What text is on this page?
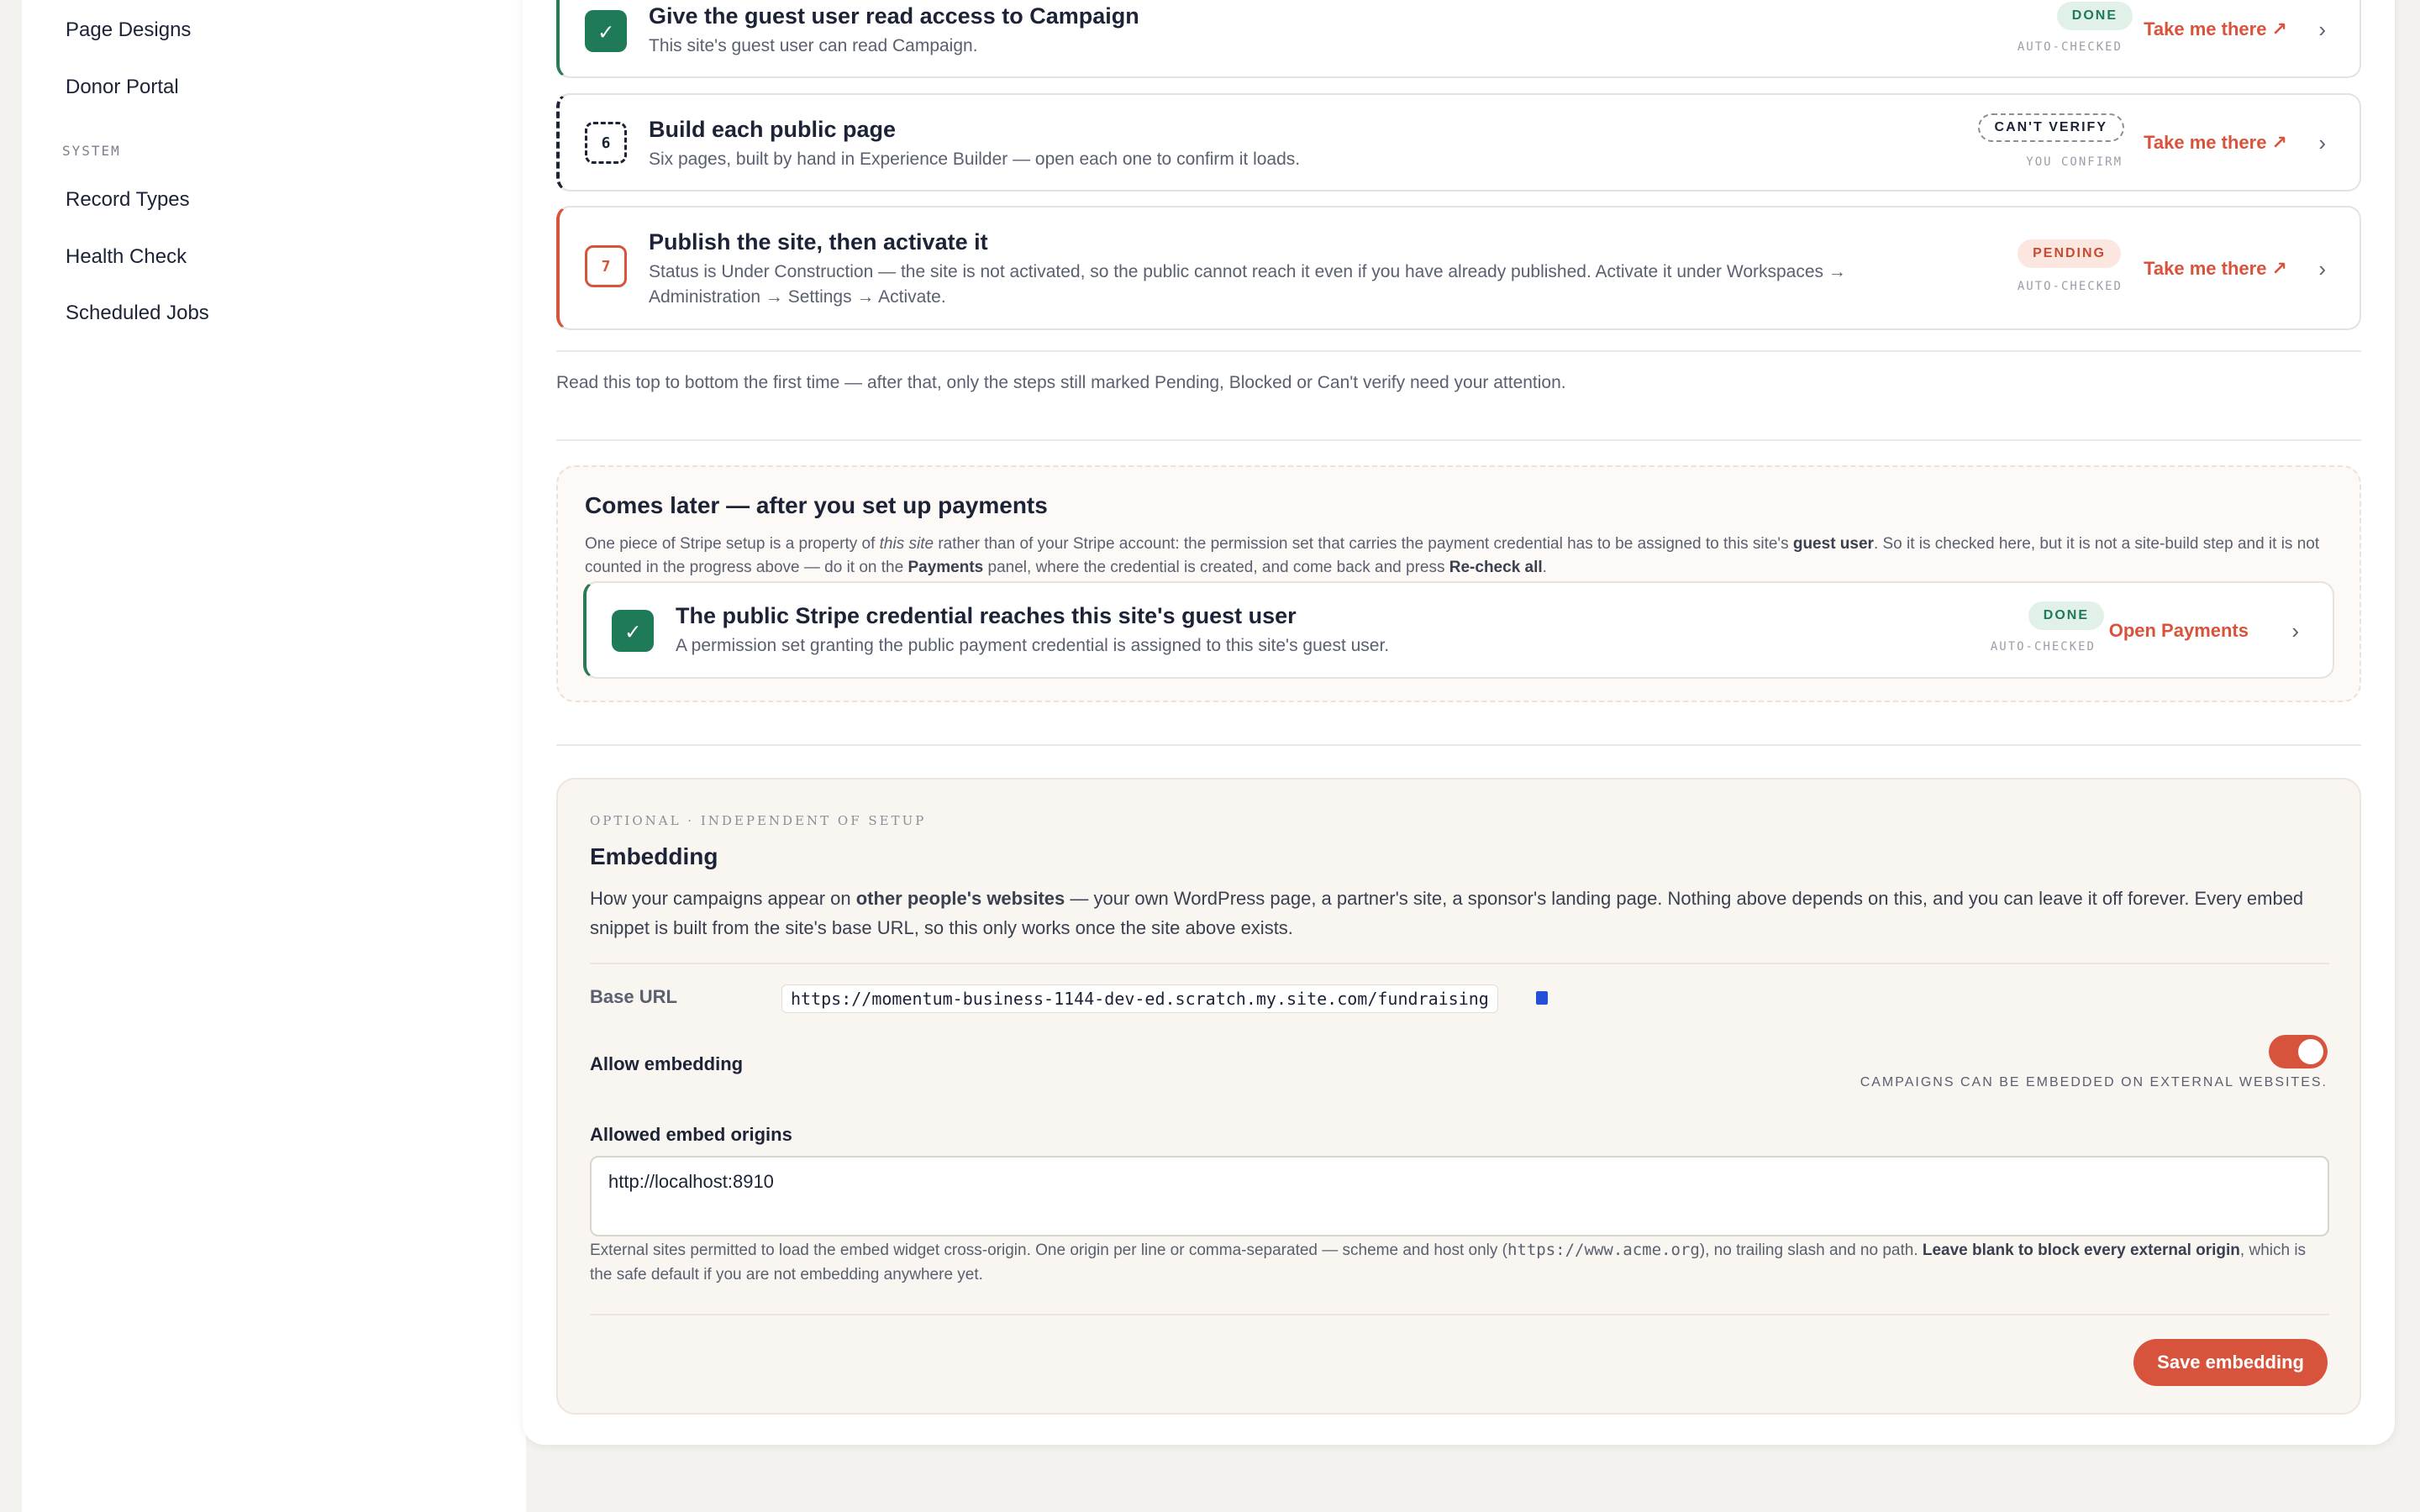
Page Designs
Donor Portal
SYSTEM
Record Types
Health Check
Scheduled Jobs
✓
Give the guest user read access to Campaign
This site's guest user can read Campaign.
DONE
AUTO-CHECKED
Take me there ↗ ›
6
Build each public page
Six pages, built by hand in Experience Builder — open each one to confirm it loads.
CAN'T VERIFY
YOU CONFIRM
Take me there ↗ ›
7
Publish the site, then activate it
Status is Under Construction — the site is not activated, so the public cannot reach it even if you have already published. Activate it under Workspaces → Administration → Settings → Activate.
PENDING
AUTO-CHECKED
Take me there ↗ ›
Read this top to bottom the first time — after that, only the steps still marked Pending, Blocked or Can't verify need your attention.
Comes later — after you set up payments
One piece of Stripe setup is a property of this site rather than of your Stripe account: the permission set that carries the payment credential has to be assigned to this site's guest user. So it is checked here, but it is not a site-build step and it is not counted in the progress above — do it on the Payments panel, where the credential is created, and come back and press Re-check all.
✓
The public Stripe credential reaches this site's guest user
A permission set granting the public payment credential is assigned to this site's guest user.
DONE
AUTO-CHECKED
Open Payments ›
OPTIONAL · INDEPENDENT OF SETUP
Embedding
How your campaigns appear on other people's websites — your own WordPress page, a partner's site, a sponsor's landing page. Nothing above depends on this, and you can leave it off forever. Every embed snippet is built from the site's base URL, so this only works once the site above exists.
Base URL	https://momentum-business-1144-dev-ed.scratch.my.site.com/fundraising
Allow embedding
CAMPAIGNS CAN BE EMBEDDED ON EXTERNAL WEBSITES.
Allowed embed origins
http://localhost:8910
External sites permitted to load the embed widget cross-origin. One origin per line or comma-separated — scheme and host only (https://www.acme.org), no trailing slash and no path. Leave blank to block every external origin, which is the safe default if you are not embedding anywhere yet.
Save embedding
